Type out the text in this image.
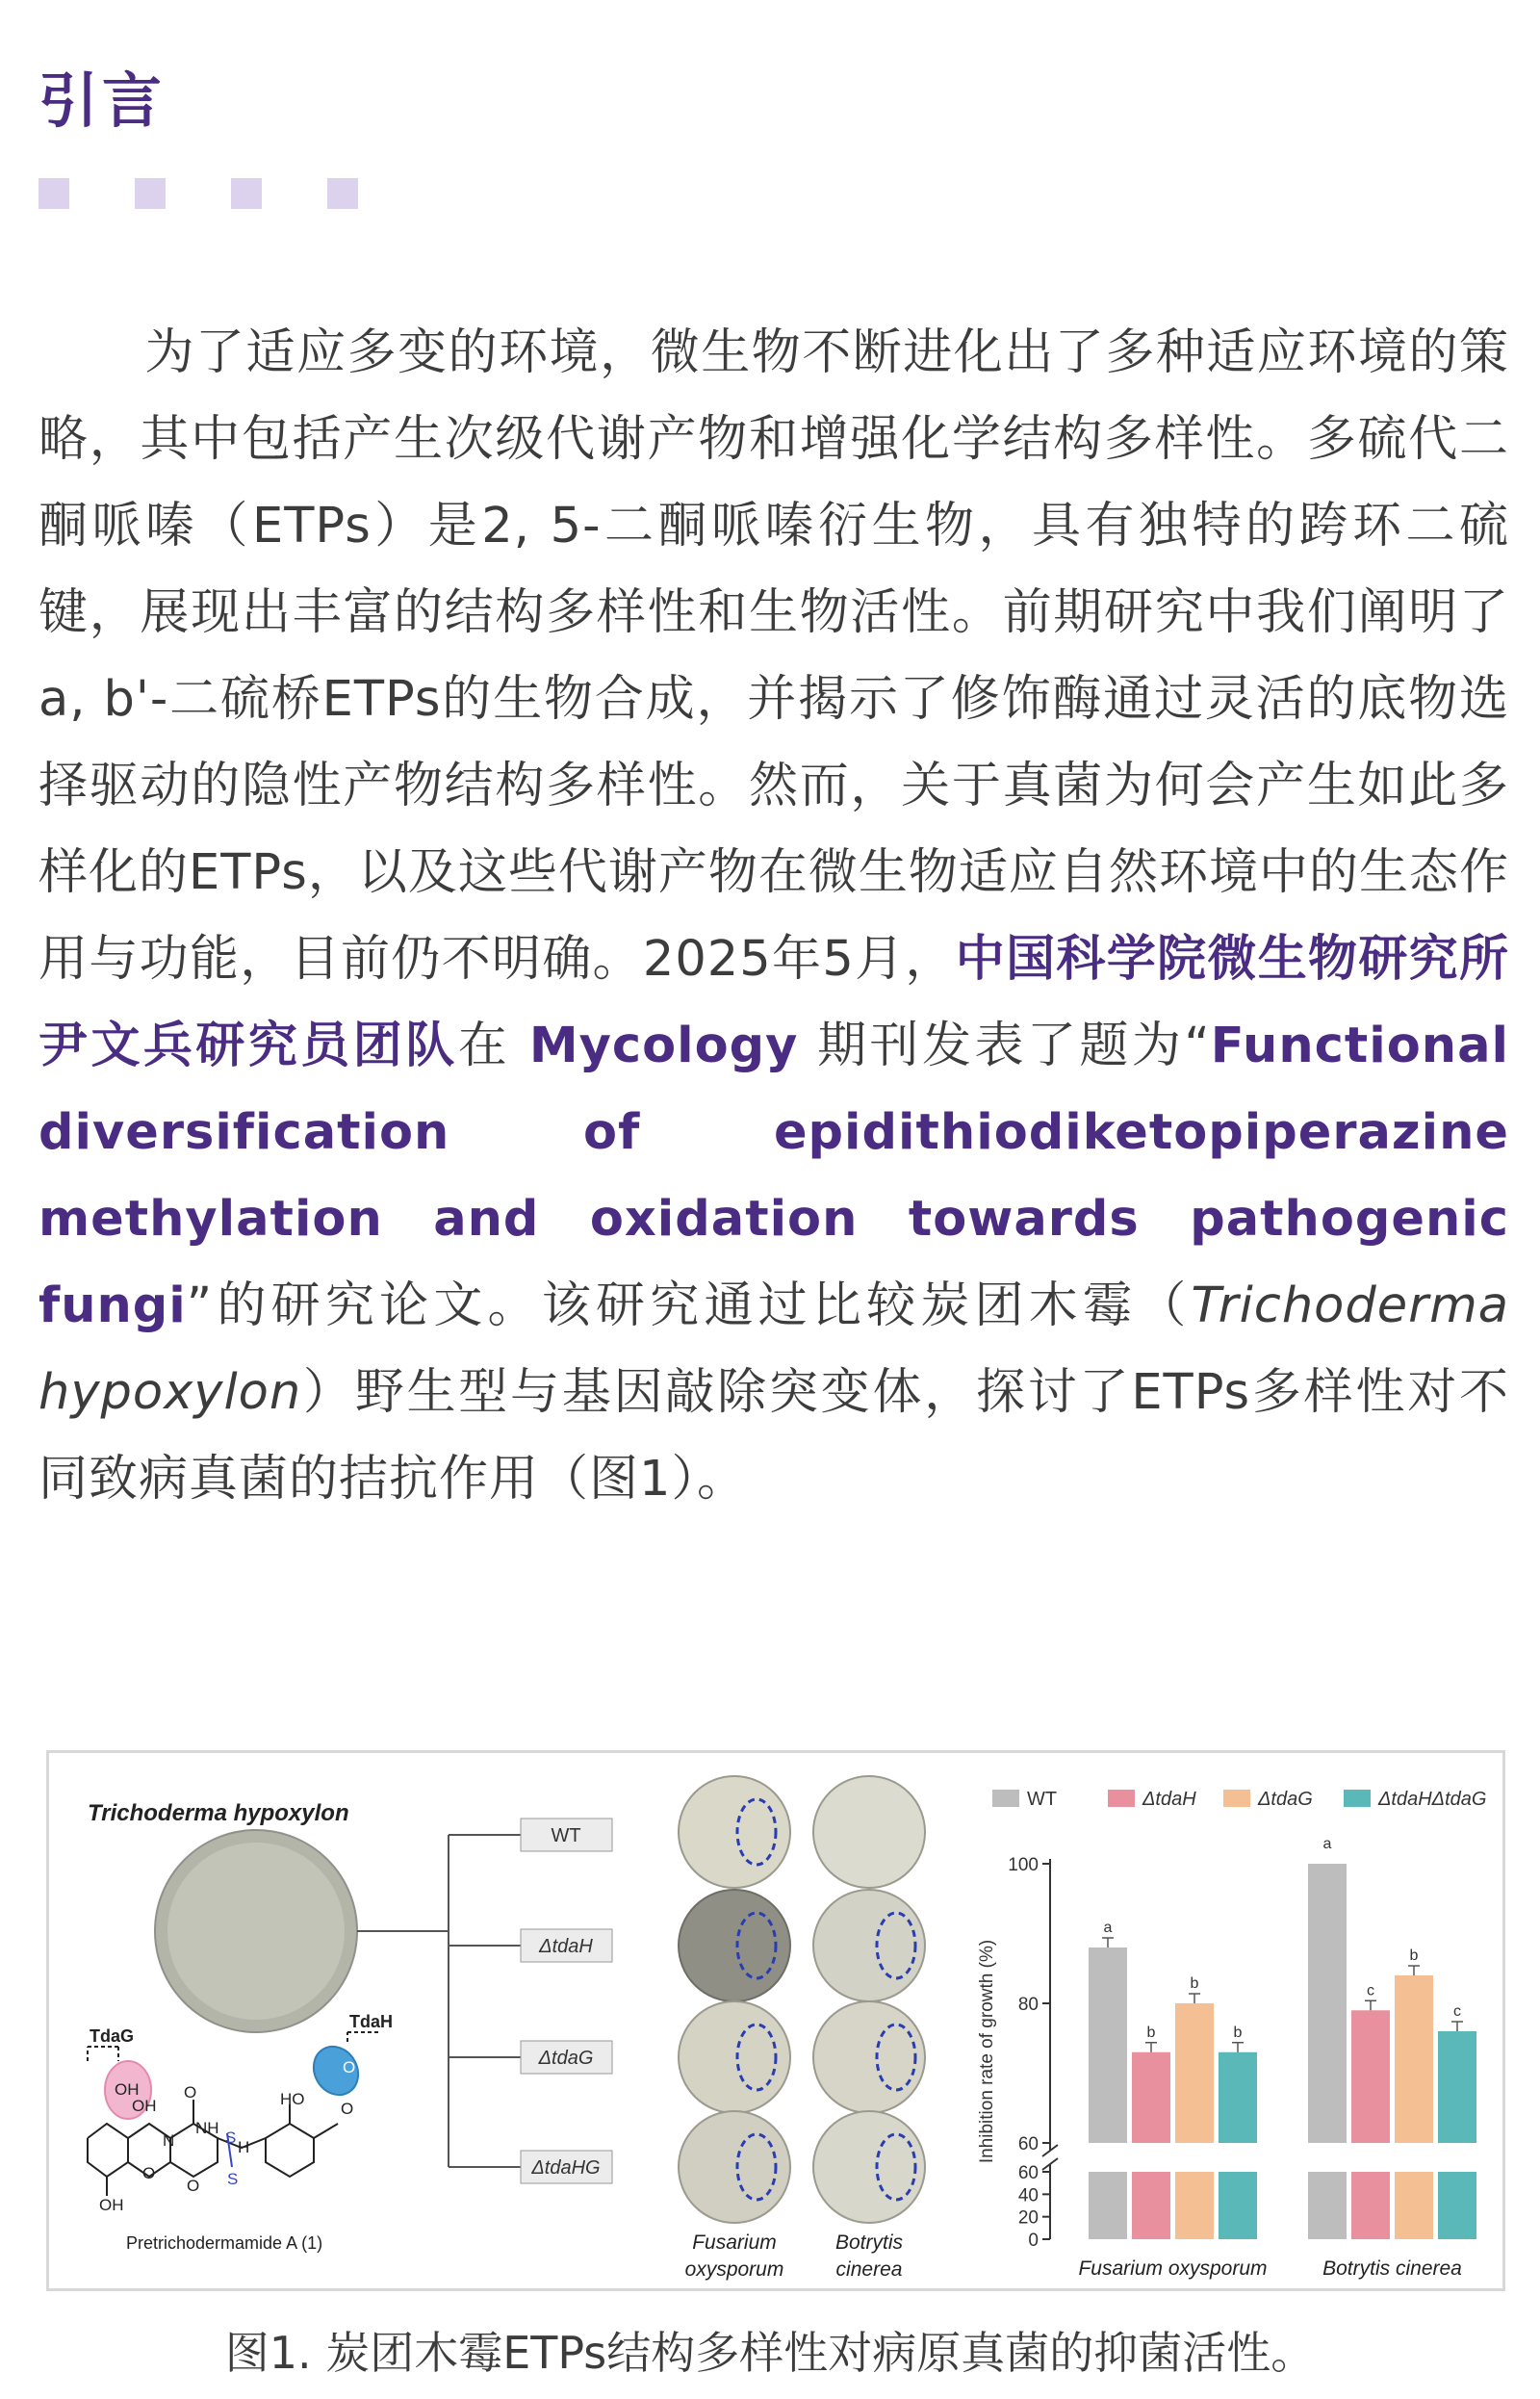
引言
为了适应多变的环境，微生物不断进化出了多种适应环境的策略，其中包括产生次级代谢产物和增强化学结构多样性。多硫代二酮哌嗪（ETPs）是2, 5-二酮哌嗪衍生物，具有独特的跨环二硫键，展现出丰富的结构多样性和生物活性。前期研究中我们阐明了a, b'-二硫桥ETPs的生物合成，并揭示了修饰酶通过灵活的底物选择驱动的隐性产物结构多样性。然而，关于真菌为何会产生如此多样化的ETPs，以及这些代谢产物在微生物适应自然环境中的生态作用与功能，目前仍不明确。2025年5月，中国科学院微生物研究所尹文兵研究员团队在 Mycology 期刊发表了题为“Functional diversification of epidithiodiketopiperazine methylation and oxidation towards pathogenic fungi”的研究论文。该研究通过比较炭团木霉（Trichoderma hypoxylon）野生型与基因敲除突变体，探讨了ETPs多样性对不同致病真菌的拮抗作用（图1）。
Trichoderma hypoxylon
WT
ΔtdaH
ΔtdaG
ΔtdaHG
OH
OH
OH
O
O
NH
O
N	S
S
HO
O
O
H
TdaG
TdaH
Pretrichodermamide A (1)	Fusarium
oxysporum
Botrytis
cinerea
WT	ΔtdaH	ΔtdaG	ΔtdaHΔtdaG
Inhibition rate of growth (%) 60
80
100
0
20
40
60
a
b
b
b
Fusarium oxysporum
a
c
b
c
Botrytis cinerea
图1. 炭团木霉ETPs结构多样性对病原真菌的抑菌活性。
